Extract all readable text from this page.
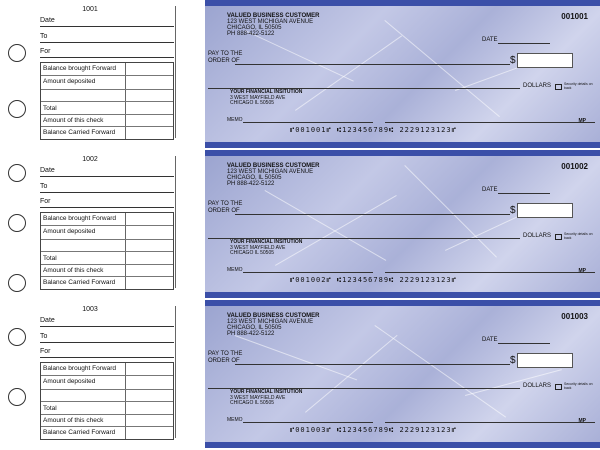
1001
Date
To
For
Balance brought Forward
Amount deposited
Total
Amount of this check
Balance Carried Forward
VALUED BUSINESS CUSTOMER
123 WEST MICHIGAN AVENUE
CHICAGO, IL 50505
PH 888-422-5122
001001
DATE
PAY TO THE
ORDER OF	$
DOLLARS	Security details on back
YOUR FINANCIAL INSITUTION
3 WEST MAYFIELD AVE
CHICAGO IL 50505
MEMO	MP
⑈001001⑈ ⑆123456789⑆ 2229123123⑈
1002
Date
To
For
Balance brought Forward
Amount deposited
Total
Amount of this check
Balance Carried Forward
VALUED BUSINESS CUSTOMER
123 WEST MICHIGAN AVENUE
CHICAGO, IL 50505
PH 888-422-5122
001002
DATE
PAY TO THE
ORDER OF	$
DOLLARS	Security details on back
YOUR FINANCIAL INSITUTION
3 WEST MAYFIELD AVE
CHICAGO IL 50505
MEMO	MP
⑈001002⑈ ⑆123456789⑆ 2229123123⑈
1003
Date
To
For
Balance brought Forward
Amount deposited
Total
Amount of this check
Balance Carried Forward
VALUED BUSINESS CUSTOMER
123 WEST MICHIGAN AVENUE
CHICAGO, IL 50505
PH 888-422-5122
001003
DATE
PAY TO THE
ORDER OF	$
DOLLARS	Security details on back
YOUR FINANCIAL INSITUTION
3 WEST MAYFIELD AVE
CHICAGO IL 50505
MEMO	MP
⑈001003⑈ ⑆123456789⑆ 2229123123⑈
